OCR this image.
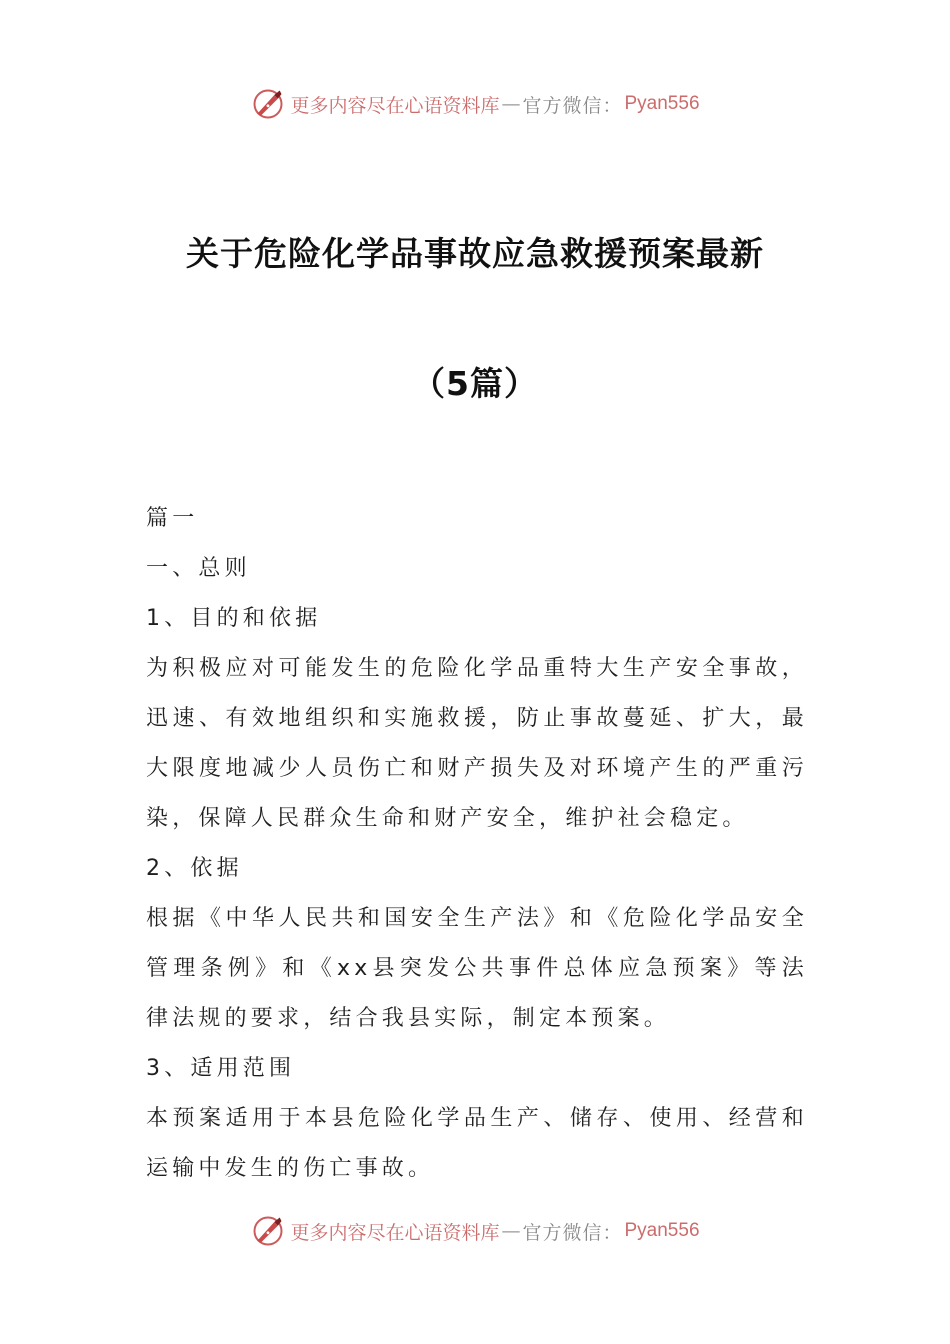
更多内容尽在心语资料库 — 官方微信： Pyan556
关于危险化学品事故应急救援预案最新
（5篇）

篇一

一、总则

1、目的和依据

为积极应对可能发生的危险化学品重特大生产安全事故，迅速、有效地组织和实施救援，防止事故蔓延、扩大，最大限度地减少人员伤亡和财产损失及对环境产生的严重污染，保障人民群众生命和财产安全，维护社会稳定。

2、依据

根据《中华人民共和国安全生产法》和《危险化学品安全管理条例》和《xx县突发公共事件总体应急预案》等法律法规的要求，结合我县实际，制定本预案。

3、适用范围

本预案适用于本县危险化学品生产、储存、使用、经营和运输中发生的伤亡事故。

更多内容尽在心语资料库 — 官方微信： Pyan556
